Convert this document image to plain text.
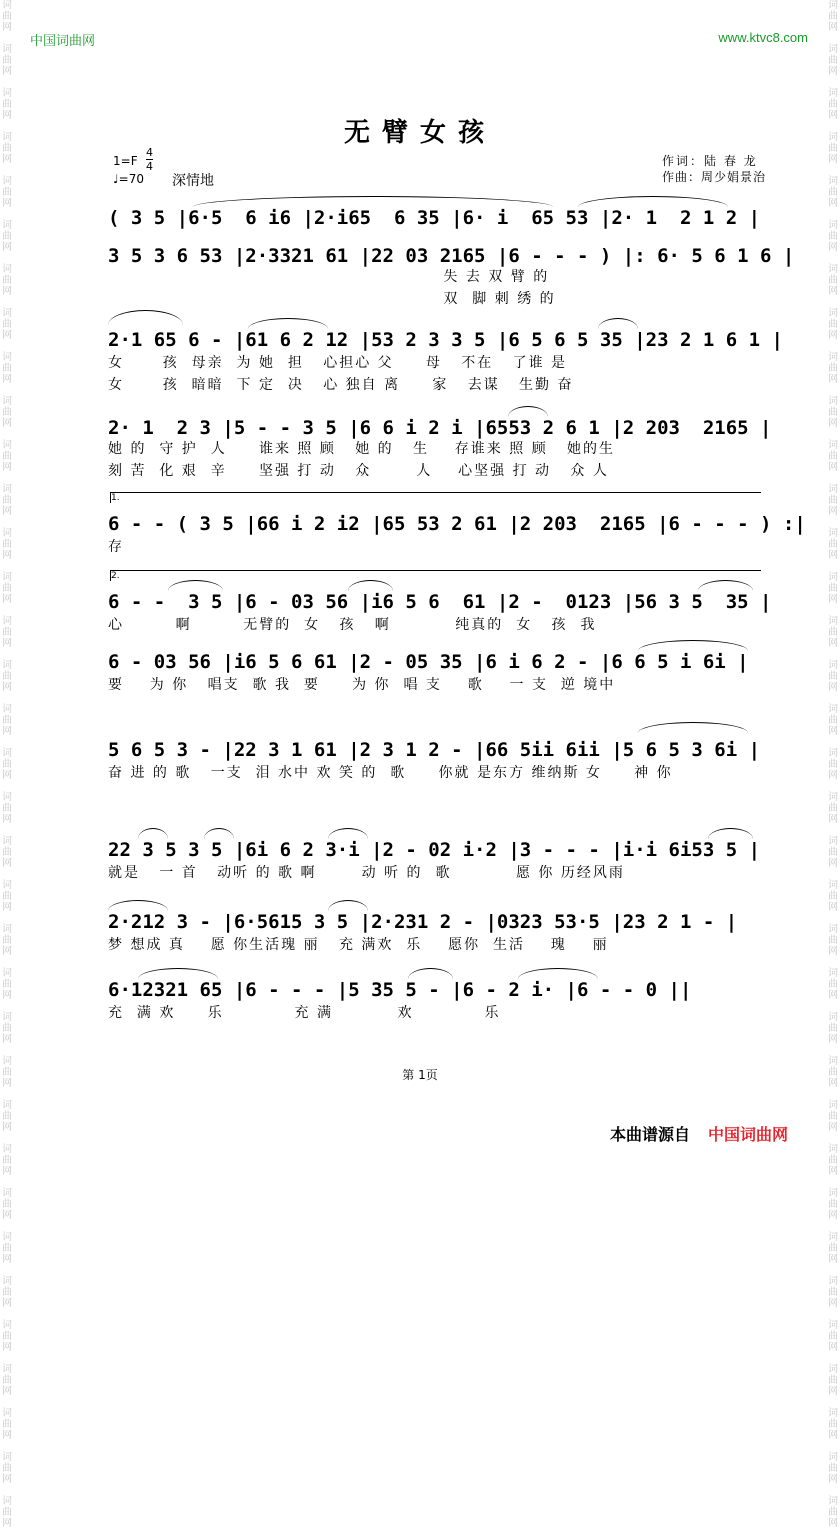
词
曲
网

词
曲
网

词
曲
网

词
曲
网

词
曲
网

词
曲
网

词
曲
网

词
曲
网

词
曲
网

词
曲
网

词
曲
网

词
曲
网

词
曲
网

词
曲
网

词
曲
网

词
曲
网

词
曲
网

词
曲
网

词
曲
网

词
曲
网

词
曲
网

词
曲
网

词
曲
网

词
曲
网

词
曲
网

词
曲
网

词
曲
网

词
曲
网

词
曲
网

词
曲
网

词
曲
网

词
曲
网

词
曲
网

词
曲
网

词
曲
网

词
曲
网

词
曲
网

词
曲
网

词
曲
网

词
曲
网

词
曲
网

词
曲
网

词
曲
网

词
曲
网

词
曲
网

词
曲
网

词
曲
网

词
曲
网

词
曲
网

词
曲
网

词
曲
网

词
曲
网

词
曲
网

词
曲
网

词
曲
网

词
曲
网

词
曲
网

词
曲
网

词
曲
网

词
曲
网

词
曲
网

词
曲
网

词
曲
网

词
曲
网

词
曲
网

词
曲
网

词
曲
网

词
曲
网

词
曲
网

词
曲
网

中国词曲网	www.ktvc8.com
无臂女孩
1=F
4
4
♩=70 深情地
作词：陆 春 龙
作曲：周少娟景治
( 3 5 |6·5  6 i6 |2·i65  6 35 |6· i  65 53 |2· 1  2 1 2 |
3 5 3 6 53 |2·3321 61 |22 03 2165 |6 - - - ) |: 6· 5 6 1 6 |
失 去 双 臂 的
双  脚 刺 绣 的
2·1 65 6 - |61 6 2 12 |53 2 3 3 5 |6 5 6 5 35 |23 2 1 6 1 |
女      孩  母亲  为 她  担   心担心 父     母   不在   了谁 是
女      孩  暗暗  下 定  决   心 独自 离     家   去谋   生勤 奋
2· 1  2 3 |5 - - 3 5 |6 6 i 2 i |6553 2 6 1 |2 203  2165 |
她 的  守 护  人     谁来 照 顾   她 的   生    存谁来 照 顾   她的生
刻 苦  化 艰  辛     坚强 打 动   众       人    心坚强 打 动   众 人
1.
6 - - ( 3 5 |66 i 2 i2 |65 53 2 61 |2 203  2165 |6 - - - ) :|
存
2.
6 - -  3 5 |6 - 03 56 |i6 5 6  61 |2 -  0123 |56 3 5  35 |
心        啊        无臂的  女   孩   啊          纯真的  女   孩  我
6 - 03 56 |i6 5 6 61 |2 - 05 35 |6 i 6 2 - |6 6 5 i 6i |
要    为 你   唱支  歌 我  要     为 你  唱 支    歌    一 支  逆 境中
5 6 5 3 - |22 3 1 61 |2 3 1 2 - |66 5ii 6ii |5 6 5 3 6i |
奋 进 的 歌   一支  泪 水中 欢 笑 的  歌     你就 是东方 维纳斯 女     神 你
22 3 5 3 5 |6i 6 2 3·i |2 - 02 i·2 |3 - - - |i·i 6i53 5 |
就是   一 首   动听 的 歌 啊       动 听 的  歌          愿 你 历经风雨
2·212 3 - |6·5615 3 5 |2·231 2 - |0323 53·5 |23 2 1 - |
梦 想成 真    愿 你生活瑰 丽   充 满欢  乐    愿你  生活    瑰    丽
6·12321 65 |6 - - - |5 35 5 - |6 - 2 i· |6 - - 0 ||
充  满 欢     乐           充 满          欢           乐
第 1页
本曲谱源自 中国词曲网
